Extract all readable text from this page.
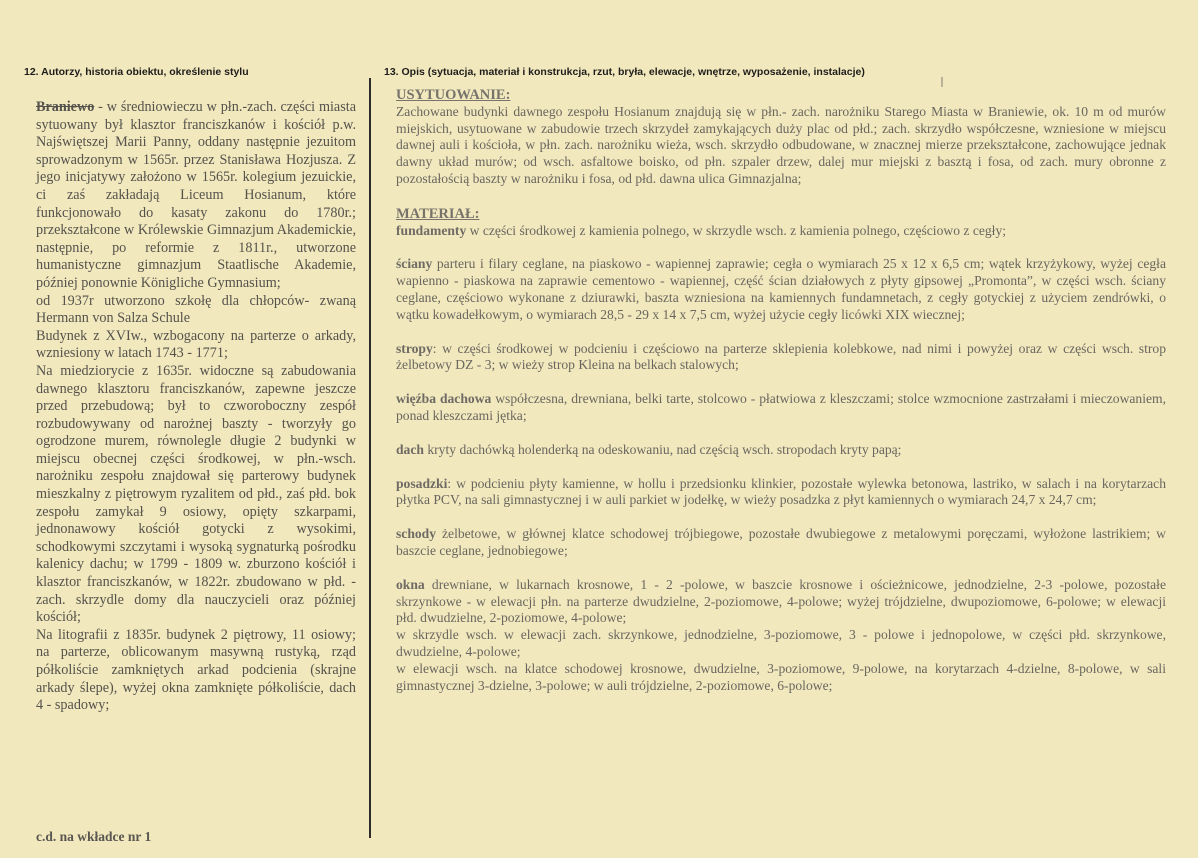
12. Autorzy, historia obiektu, określenie stylu	13. Opis (sytuacja, materiał i konstrukcja, rzut, bryła, elewacje, wnętrze, wyposażenie, instalacje)

Braniewo - w średniowieczu w płn.-zach. części miasta sytuowany był klasztor franciszkanów i kościół p.w. Najświętszej Marii Panny, oddany następnie jezuitom sprowadzonym w 1565r. przez Stanisława Hozjusza. Z jego inicjatywy założono w 1565r. kolegium jezuickie, ci zaś zakładają Liceum Hosianum, które funkcjonowało do kasaty zakonu do 1780r.; przekształcone w Królewskie Gimnazjum Akademickie, następnie, po reformie z 1811r., utworzone humanistyczne gimnazjum Staatlische Akademie, później ponownie Königliche Gymnasium;

od 1937r utworzono szkołę dla chłopców- zwaną Hermann von Salza Schule

Budynek z XVIw., wzbogacony na parterze o arkady, wzniesiony w latach 1743 - 1771;

Na miedziorycie z 1635r. widoczne są zabudowania dawnego klasztoru franciszkanów, zapewne jeszcze przed przebudową; był to czworoboczny zespół rozbudowywany od narożnej baszty - tworzyły go ogrodzone murem, równolegle długie 2 budynki w miejscu obecnej części środkowej, w płn.-wsch. narożniku zespołu znajdował się parterowy budynek mieszkalny z piętrowym ryzalitem od płd., zaś płd. bok zespołu zamykał 9 osiowy, opięty szkarpami, jednonawowy kościół gotycki z wysokimi, schodkowymi szczytami i wysoką sygnaturką pośrodku kalenicy dachu; w 1799 - 1809 w. zburzono kościół i klasztor franciszkanów, w 1822r. zbudowano w płd. - zach. skrzydle domy dla nauczycieli oraz później kościół;

Na litografii z 1835r. budynek 2 piętrowy, 11 osiowy; na parterze, oblicowanym masywną rustyką, rząd półkoliście zamkniętych arkad podcienia (skrajne arkady ślepe), wyżej okna zamknięte półkoliście, dach 4 - spadowy;

c.d. na wkładce nr 1

USYTUOWANIE:

Zachowane budynki dawnego zespołu Hosianum znajdują się w płn.- zach. narożniku Starego Miasta w Braniewie, ok. 10 m od murów miejskich, usytuowane w zabudowie trzech skrzydeł zamykających duży plac od płd.; zach. skrzydło współczesne, wzniesione w miejscu dawnej auli i kościoła, w płn. zach. narożniku wieża, wsch. skrzydło odbudowane, w znacznej mierze przekształcone, zachowujące jednak dawny układ murów; od wsch. asfaltowe boisko, od płn. szpaler drzew, dalej mur miejski z basztą i fosa, od zach. mury obronne z pozostałością baszty w narożniku i fosa, od płd. dawna ulica Gimnazjalna;

MATERIAŁ:

fundamenty w części środkowej z kamienia polnego, w skrzydle wsch. z kamienia polnego, częściowo z cegły;

ściany parteru i filary ceglane, na piaskowo - wapiennej zaprawie; cegła o wymiarach 25 x 12 x 6,5 cm; wątek krzyżykowy, wyżej cegła wapienno - piaskowa na zaprawie cementowo - wapiennej, część ścian działowych z płyty gipsowej „Promonta”, w części wsch. ściany ceglane, częściowo wykonane z dziurawki, baszta wzniesiona na kamiennych fundamnetach, z cegły gotyckiej z użyciem zendrówki, o wątku kowadełkowym, o wymiarach 28,5 - 29 x 14 x 7,5 cm, wyżej użycie cegły licówki XIX wiecznej;

stropy: w części środkowej w podcieniu i częściowo na parterze sklepienia kolebkowe, nad nimi i powyżej oraz w części wsch. strop żelbetowy DZ - 3; w wieży strop Kleina na belkach stalowych;

więźba dachowa współczesna, drewniana, belki tarte, stolcowo - płatwiowa z kleszczami; stolce wzmocnione zastrzałami i mieczowaniem, ponad kleszczami jętka;

dach kryty dachówką holenderką na odeskowaniu, nad częścią wsch. stropodach kryty papą;

posadzki: w podcieniu płyty kamienne, w hollu i przedsionku klinkier, pozostałe wylewka betonowa, lastriko, w salach i na korytarzach płytka PCV, na sali gimnastycznej i w auli parkiet w jodełkę, w wieży posadzka z płyt kamiennych o wymiarach 24,7 x 24,7 cm;

schody żelbetowe, w głównej klatce schodowej trójbiegowe, pozostałe dwubiegowe z metalowymi poręczami, wyłożone lastrikiem; w baszcie ceglane, jednobiegowe;

okna drewniane, w lukarnach krosnowe, 1 - 2 -polowe, w baszcie krosnowe i ościeżnicowe, jednodzielne, 2-3 -polowe, pozostałe skrzynkowe - w elewacji płn. na parterze dwudzielne, 2-poziomowe, 4-polowe; wyżej trójdzielne, dwupoziomowe, 6-polowe; w elewacji płd. dwudzielne, 2-poziomowe, 4-polowe;

w skrzydle wsch. w elewacji zach. skrzynkowe, jednodzielne, 3-poziomowe, 3 - polowe i jednopolowe, w części płd. skrzynkowe, dwudzielne, 4-polowe;

w elewacji wsch. na klatce schodowej krosnowe, dwudzielne, 3-poziomowe, 9-polowe, na korytarzach 4-dzielne, 8-polowe, w sali gimnastycznej 3-dzielne, 3-polowe; w auli trójdzielne, 2-poziomowe, 6-polowe;
